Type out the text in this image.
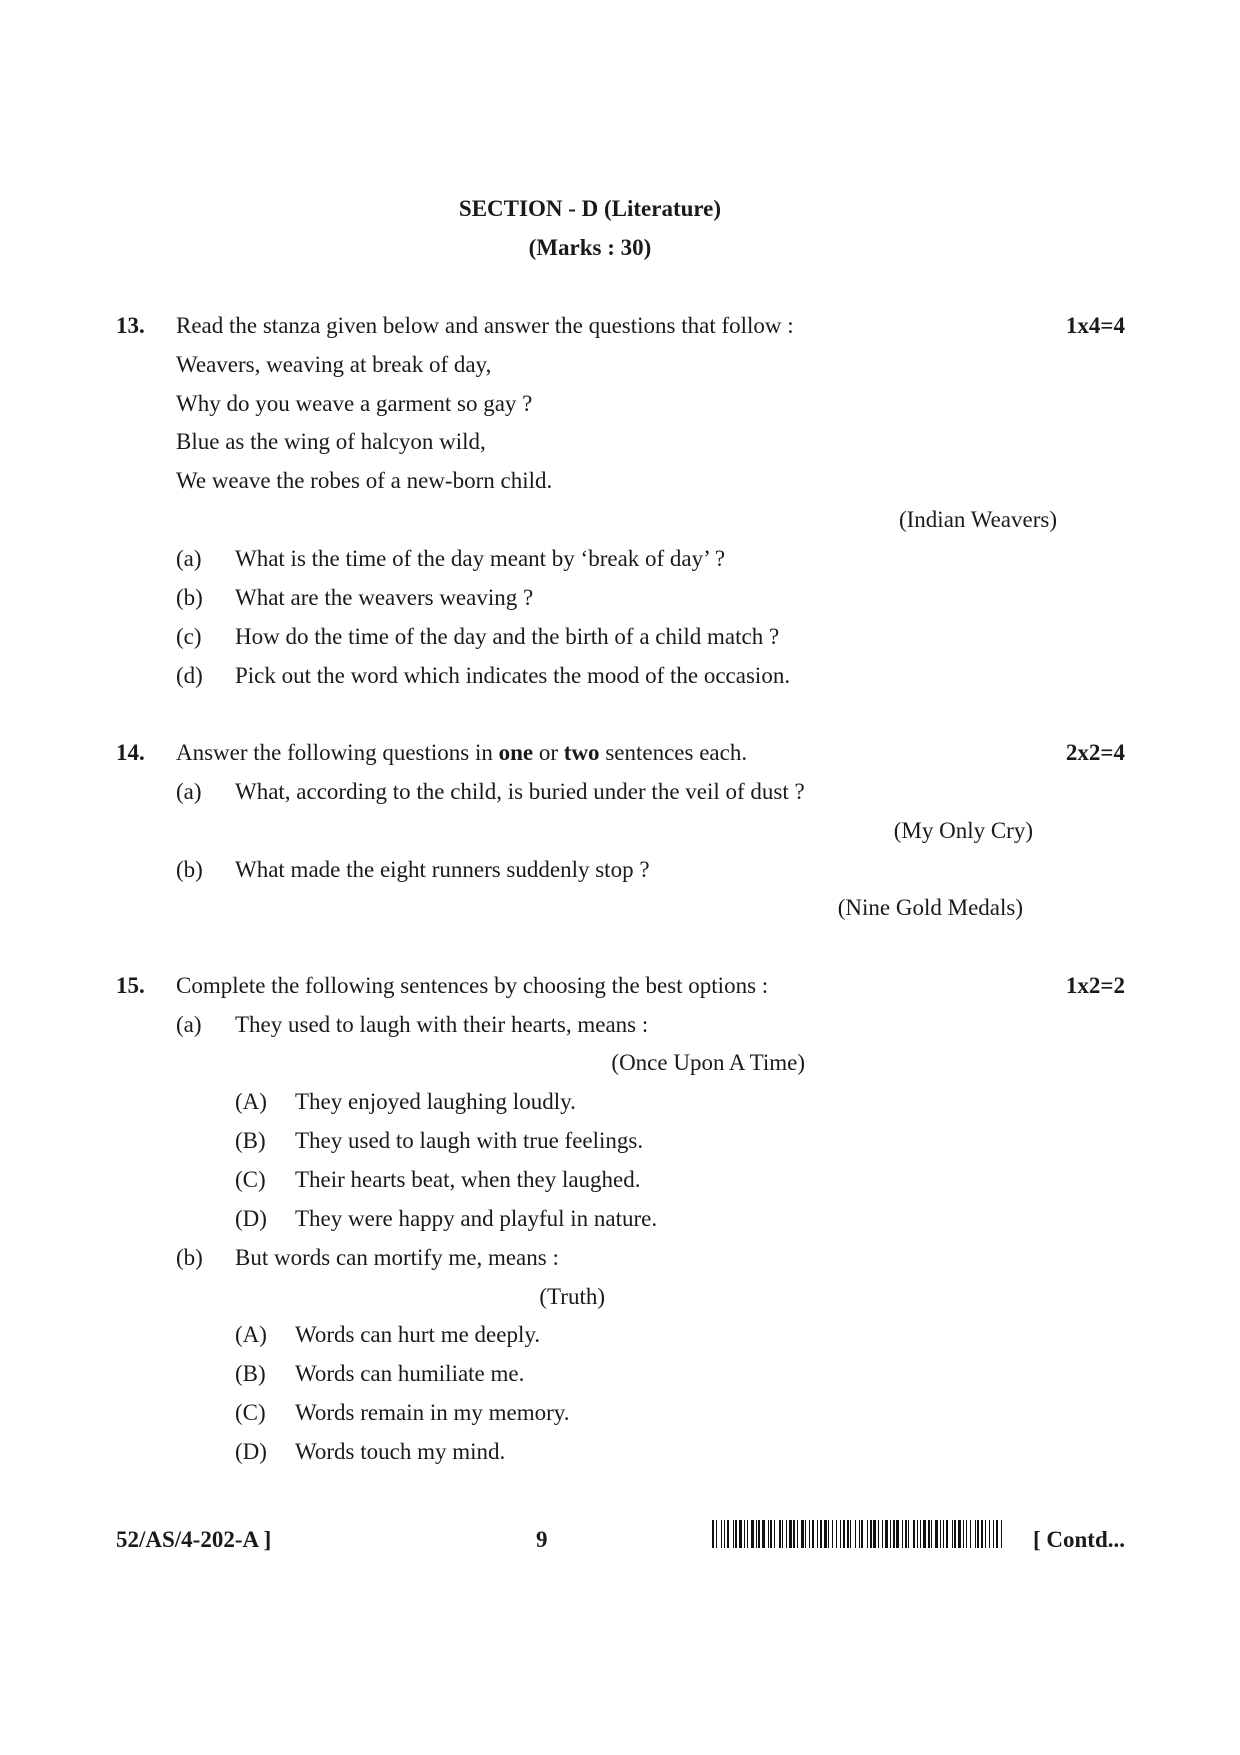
SECTION - D (Literature)
(Marks : 30)
13. Read the stanza given below and answer the questions that follow :	1x4=4
Weavers, weaving at break of day,
Why do you weave a garment so gay ?
Blue as the wing of halcyon wild,
We weave the robes of a new-born child.
(Indian Weavers)
(a) What is the time of the day meant by ‘break of day’ ?
(b) What are the weavers weaving ?
(c) How do the time of the day and the birth of a child match ?
(d) Pick out the word which indicates the mood of the occasion.
14. Answer the following questions in one or two sentences each.	2x2=4
(a) What, according to the child, is buried under the veil of dust ?
(My Only Cry)
(b) What made the eight runners suddenly stop ?
(Nine Gold Medals)
15. Complete the following sentences by choosing the best options :	1x2=2
(a) They used to laugh with their hearts, means :
(Once Upon A Time)
(A) They enjoyed laughing loudly.
(B) They used to laugh with true feelings.
(C) Their hearts beat, when they laughed.
(D) They were happy and playful in nature.
(b) But words can mortify me, means :
(Truth)
(A) Words can hurt me deeply.
(B) Words can humiliate me.
(C) Words remain in my memory.
(D) Words touch my mind.
52/AS/4-202-A ]	9	[ Contd...
